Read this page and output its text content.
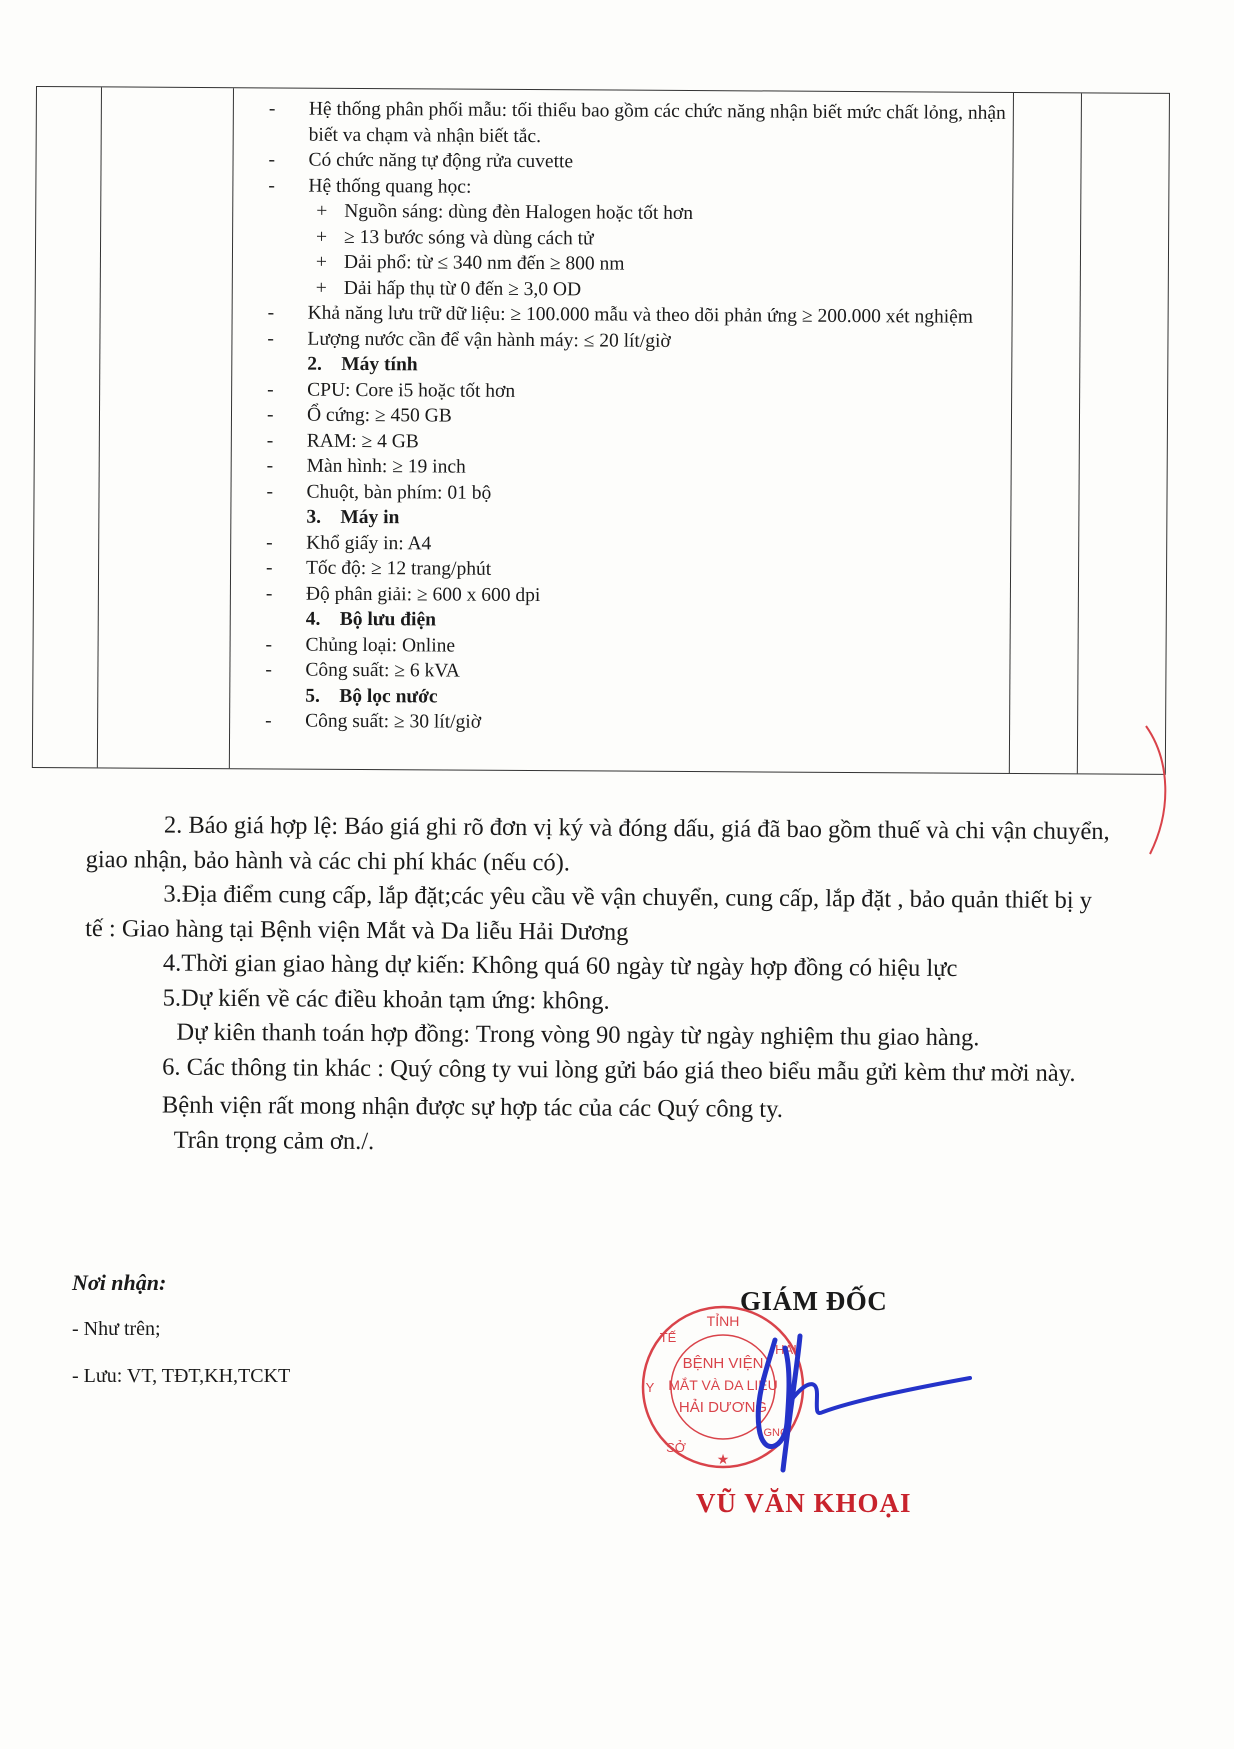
- Hệ thống phân phối mẫu: tối thiểu bao gồm các chức năng nhận biết mức chất lỏng, nhận biết va chạm và nhận biết tắc.
- Có chức năng tự động rửa cuvette
- Hệ thống quang học:
+ Nguồn sáng: dùng đèn Halogen hoặc tốt hơn
+ ≥ 13 bước sóng và dùng cách tử
+ Dải phổ: từ ≤ 340 nm đến ≥ 800 nm
+ Dải hấp thụ từ 0 đến ≥ 3,0 OD
- Khả năng lưu trữ dữ liệu: ≥ 100.000 mẫu và theo dõi phản ứng ≥ 200.000 xét nghiệm
- Lượng nước cần để vận hành máy: ≤ 20 lít/giờ
2. Máy tính
- CPU: Core i5 hoặc tốt hơn
- Ổ cứng: ≥ 450 GB
- RAM: ≥ 4 GB
- Màn hình: ≥ 19 inch
- Chuột, bàn phím: 01 bộ
3. Máy in
- Khổ giấy in: A4
- Tốc độ: ≥ 12 trang/phút
- Độ phân giải: ≥ 600 x 600 dpi
4. Bộ lưu điện
- Chủng loại: Online
- Công suất: ≥ 6 kVA
5. Bộ lọc nước
- Công suất: ≥ 30 lít/giờ

2. Báo giá hợp lệ: Báo giá ghi rõ đơn vị ký và đóng dấu, giá đã bao gồm thuế và chi vận chuyển, giao nhận, bảo hành và các chi phí khác (nếu có).

3.Địa điểm cung cấp, lắp đặt;các yêu cầu về vận chuyển, cung cấp, lắp đặt , bảo quản thiết bị y tế : Giao hàng tại Bệnh viện Mắt và Da liễu Hải Dương

4.Thời gian giao hàng dự kiến: Không quá 60 ngày từ ngày hợp đồng có hiệu lực

5.Dự kiến về các điều khoản tạm ứng: không.

Dự kiên thanh toán hợp đồng: Trong vòng 90 ngày từ ngày nghiệm thu giao hàng.

6. Các thông tin khác : Quý công ty vui lòng gửi báo giá theo biểu mẫu gửi kèm thư mời này.

Bệnh viện rất mong nhận được sự hợp tác của các Quý công ty.

Trân trọng cảm ơn./.

Nơi nhận:
- Như trên;
- Lưu: VT, TĐT,KH,TCKT
GIÁM ĐỐC
TỈNH
HẢI
BỆNH VIỆN
MẮT VÀ DA LIỄU
HẢI DƯƠNG
SỞ
Y
TẾ
GNG
★
VŨ VĂN KHOẠI
